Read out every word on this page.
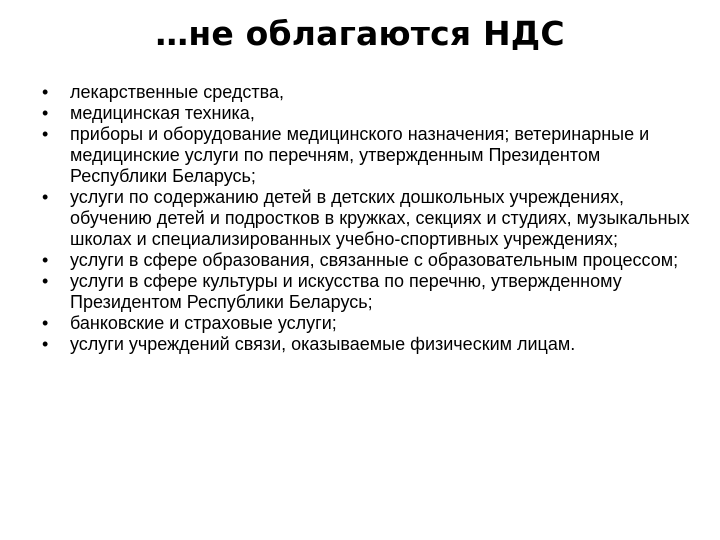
…не облагаются НДС
•	лекарственные средства,
•	медицинская техника,
•	приборы и оборудование медицинского назначения; ветеринарные и медицинские услуги по перечням, утвержденным Президентом Республики Беларусь;
•	услуги по содержанию детей в детских дошкольных учреждениях, обучению детей и подростков в кружках, секциях и студиях, музыкальных школах и специализированных учебно-спортивных учреждениях;
•	услуги в сфере образования, связанные с образовательным процессом;
•	услуги в сфере культуры и искусства по перечню, утвержденному Президентом Республики Беларусь;
•	банковские и страховые услуги;
•	услуги учреждений связи, оказываемые физическим лицам.
